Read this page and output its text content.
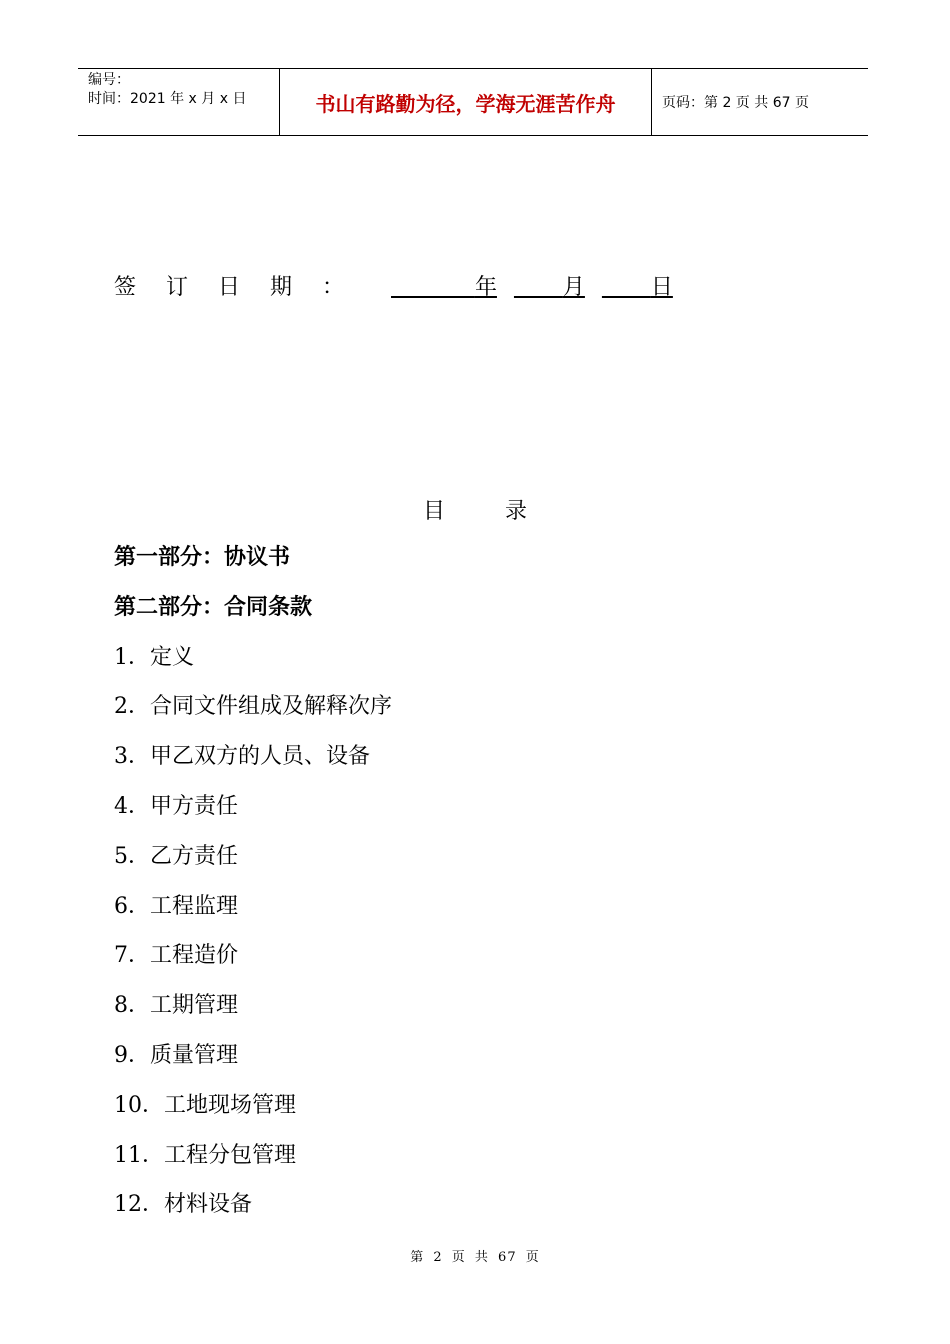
编号：
时间：2021 年 x 月 x 日	书山有路勤为径，学海无涯苦作舟	页码：第 2 页 共 67 页
签订日期：	年	月	日
目录
第一部分：协议书
第二部分：合同条款
1．定义
2．合同文件组成及解释次序
3．甲乙双方的人员、设备
4．甲方责任
5．乙方责任
6．工程监理
7．工程造价
8．工期管理
9．质量管理
10．工地现场管理
11．工程分包管理
12．材料设备
第 2 页 共 67 页
